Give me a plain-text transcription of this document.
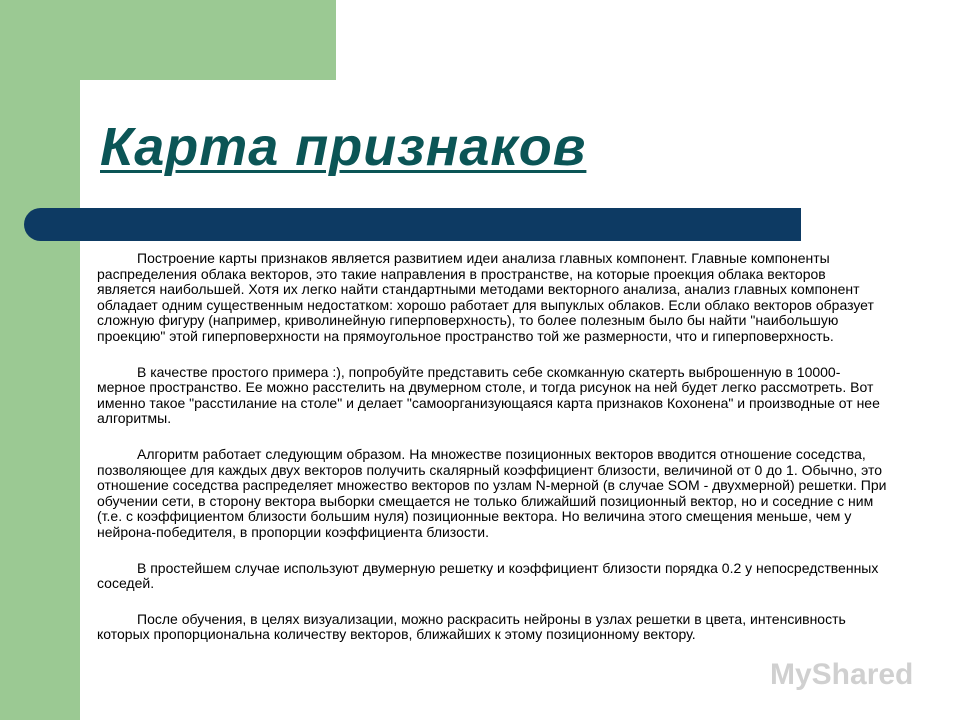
Карта признаков

Построение карты признаков является развитием идеи анализа главных компонент. Главные компоненты распределения облака векторов, это такие направления в пространстве, на которые проекция облака векторов является наибольшей. Хотя их легко найти стандартными методами векторного анализа, анализ главных компонент обладает одним существенным недостатком: хорошо работает для выпуклых облаков. Если облако векторов образует сложную фигуру (например, криволинейную гиперповерхность), то более полезным было бы найти "наибольшую проекцию" этой гиперповерхности на прямоугольное пространство той же размерности, что и гиперповерхность.

В качестве простого примера :), попробуйте представить себе скомканную скатерть выброшенную в 10000-мерное пространство. Ее можно расстелить на двумерном столе, и тогда рисунок на ней будет легко рассмотреть. Вот именно такое "расстилание на столе" и делает "самоорганизующаяся карта признаков Кохонена" и производные от нее алгоритмы.

Алгоритм работает следующим образом. На множестве позиционных векторов вводится отношение соседства, позволяющее для каждых двух векторов получить скалярный коэффициент близости, величиной от 0 до 1. Обычно, это отношение соседства распределяет множество векторов по узлам N-мерной (в случае SOM - двухмерной) решетки. При обучении сети, в сторону вектора выборки смещается не только ближайший позиционный вектор, но и соседние с ним (т.е. с коэффициентом близости большим нуля) позиционные вектора. Но величина этого смещения меньше, чем у нейрона-победителя, в пропорции коэффициента близости.

В простейшем случае используют двумерную решетку и коэффициент близости порядка 0.2 у непосредственных соседей.

После обучения, в целях визуализации, можно раскрасить нейроны в узлах решетки в цвета, интенсивность которых пропорциональна количеству векторов, ближайших к этому позиционному вектору.

MyShared
